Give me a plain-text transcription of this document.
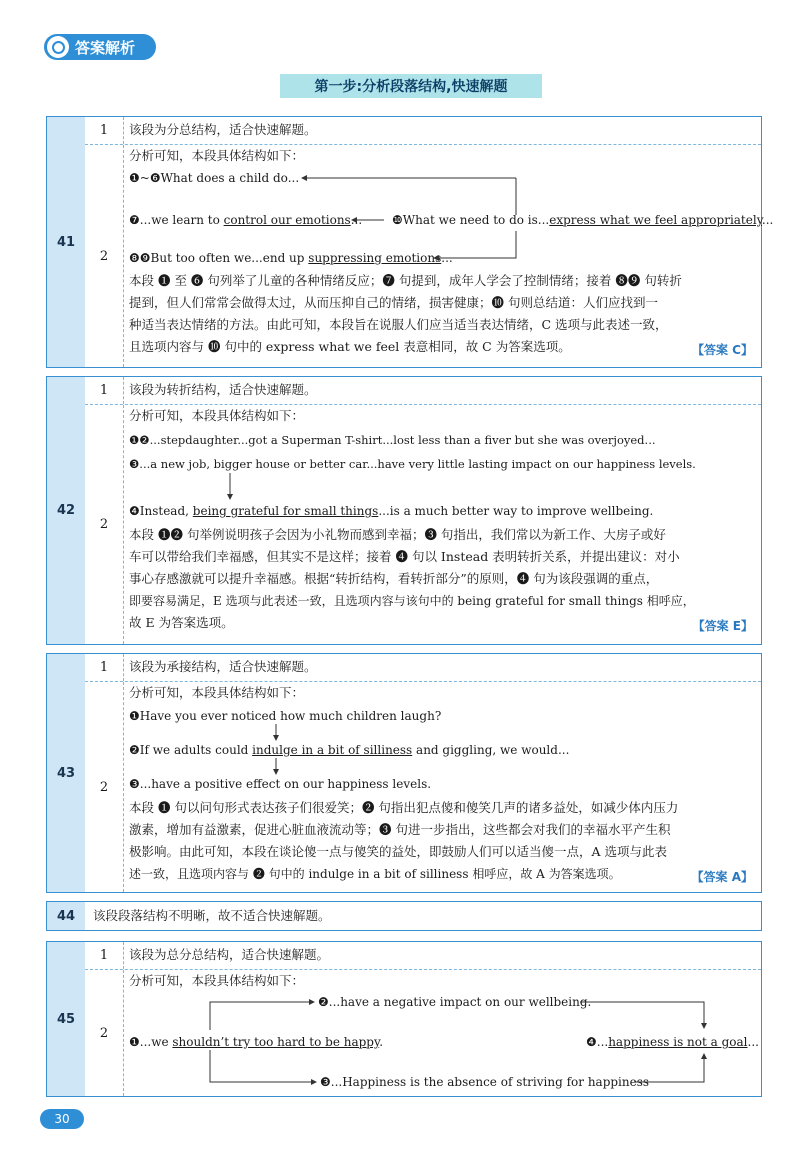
答案解析
第一步:分析段落结构,快速解题
41
1	该段为分总结构，适合快速解题。
2
分析可知，本段具体结构如下：
❶~❻What does a child do...
❼...we learn to control our emotions... ❿What we need to do is...express what we feel appropriately...
❽❾But too often we...end up suppressing emotions...
本段 ❶ 至 ❻ 句列举了儿童的各种情绪反应；❼ 句提到，成年人学会了控制情绪；接着 ❽❾ 句转折
提到，但人们常常会做得太过，从而压抑自己的情绪，损害健康；❿ 句则总结道：人们应找到一
种适当表达情绪的方法。由此可知，本段旨在说服人们应当适当表达情绪，C 选项与此表述一致，
且选项内容与 ❿ 句中的 express what we feel 表意相同，故 C 为答案选项。	【答案 C】
42
1	该段为转折结构，适合快速解题。
2
分析可知，本段具体结构如下：
❶❷...stepdaughter...got a Superman T-shirt...lost less than a fiver but she was overjoyed...
❸...a new job, bigger house or better car...have very little lasting impact on our happiness levels.
❹Instead, being grateful for small things...is a much better way to improve wellbeing.
本段 ❶❷ 句举例说明孩子会因为小礼物而感到幸福；❸ 句指出，我们常以为新工作、大房子或好
车可以带给我们幸福感，但其实不是这样；接着 ❹ 句以 Instead 表明转折关系，并提出建议：对小
事心存感激就可以提升幸福感。根据“转折结构，看转折部分”的原则，❹ 句为该段强调的重点，
即要容易满足，E 选项与此表述一致，且选项内容与该句中的 being grateful for small things 相呼应，
故 E 为答案选项。	【答案 E】
43
1	该段为承接结构，适合快速解题。
2
分析可知，本段具体结构如下：
❶Have you ever noticed how much children laugh?
❷If we adults could indulge in a bit of silliness and giggling, we would...
❸...have a positive effect on our happiness levels.
本段 ❶ 句以问句形式表达孩子们很爱笑；❷ 句指出犯点傻和傻笑几声的诸多益处，如减少体内压力
激素，增加有益激素，促进心脏血液流动等；❸ 句进一步指出，这些都会对我们的幸福水平产生积
极影响。由此可知，本段在谈论傻一点与傻笑的益处，即鼓励人们可以适当傻一点，A 选项与此表
述一致，且选项内容与 ❷ 句中的 indulge in a bit of silliness 相呼应，故 A 为答案选项。	【答案 A】
44	该段段落结构不明晰，故不适合快速解题。
45
1	该段为总分总结构，适合快速解题。
2
分析可知，本段具体结构如下：
❷...have a negative impact on our wellbeing.
❶...we shouldn’t try too hard to be happy.	❹...happiness is not a goal...
❸...Happiness is the absence of striving for happiness
30
